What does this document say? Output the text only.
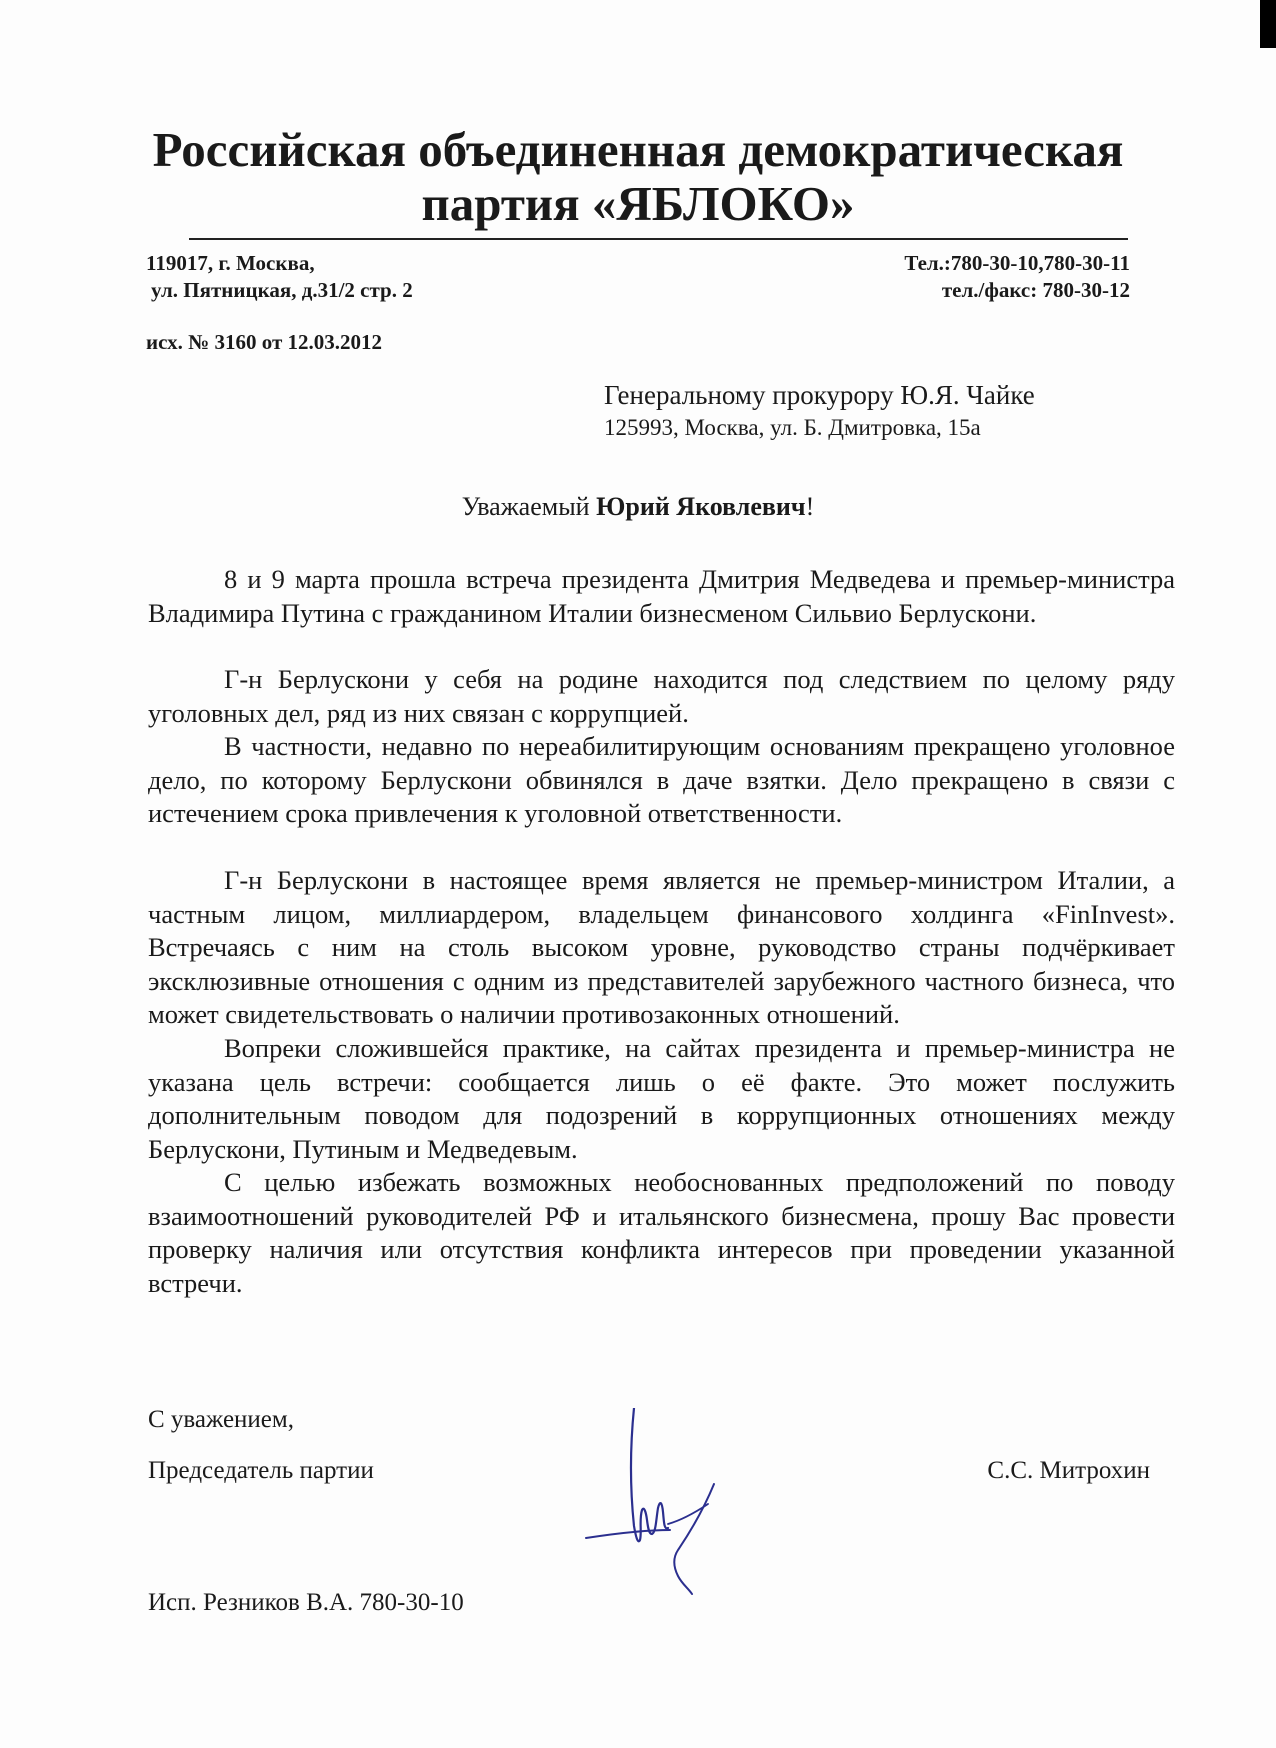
Российская объединенная демократическая
партия «ЯБЛОКО»
119017, г. Москва,
ул. Пятницкая, д.31/2 стр. 2
Тел.:780-30-10,780-30-11
тел./факс: 780-30-12
исх. № 3160 от 12.03.2012
Генеральному прокурору Ю.Я. Чайке
125993, Москва, ул. Б. Дмитровка, 15а
Уважаемый Юрий Яковлевич!

8 и 9 марта прошла встреча президента Дмитрия Медведева и премьер-министра Владимира Путина с гражданином Италии бизнесменом Сильвио Берлускони.

Г-н Берлускони у себя на родине находится под следствием по целому ряду уголовных дел, ряд из них связан с коррупцией.

В частности, недавно по нереабилитирующим основаниям прекращено уголовное дело, по которому Берлускони обвинялся в даче взятки. Дело прекращено в связи с истечением срока привлечения к уголовной ответственности.

Г-н Берлускони в настоящее время является не премьер-министром Италии, а частным лицом, миллиардером, владельцем финансового холдинга «FinInvest». Встречаясь с ним на столь высоком уровне, руководство страны подчёркивает эксклюзивные отношения с одним из представителей зарубежного частного бизнеса, что может свидетельствовать о наличии противозаконных отношений.

Вопреки сложившейся практике, на сайтах президента и премьер-министра не указана цель встречи: сообщается лишь о её факте. Это может послужить дополнительным поводом для подозрений в коррупционных отношениях между Берлускони, Путиным и Медведевым.

С целью избежать возможных необоснованных предположений по поводу взаимоотношений руководителей РФ и итальянского бизнесмена, прошу Вас провести проверку наличия или отсутствия конфликта интересов при проведении указанной встречи.

С уважением,
Председатель партии	С.С. Митрохин
Исп. Резников В.А. 780-30-10
